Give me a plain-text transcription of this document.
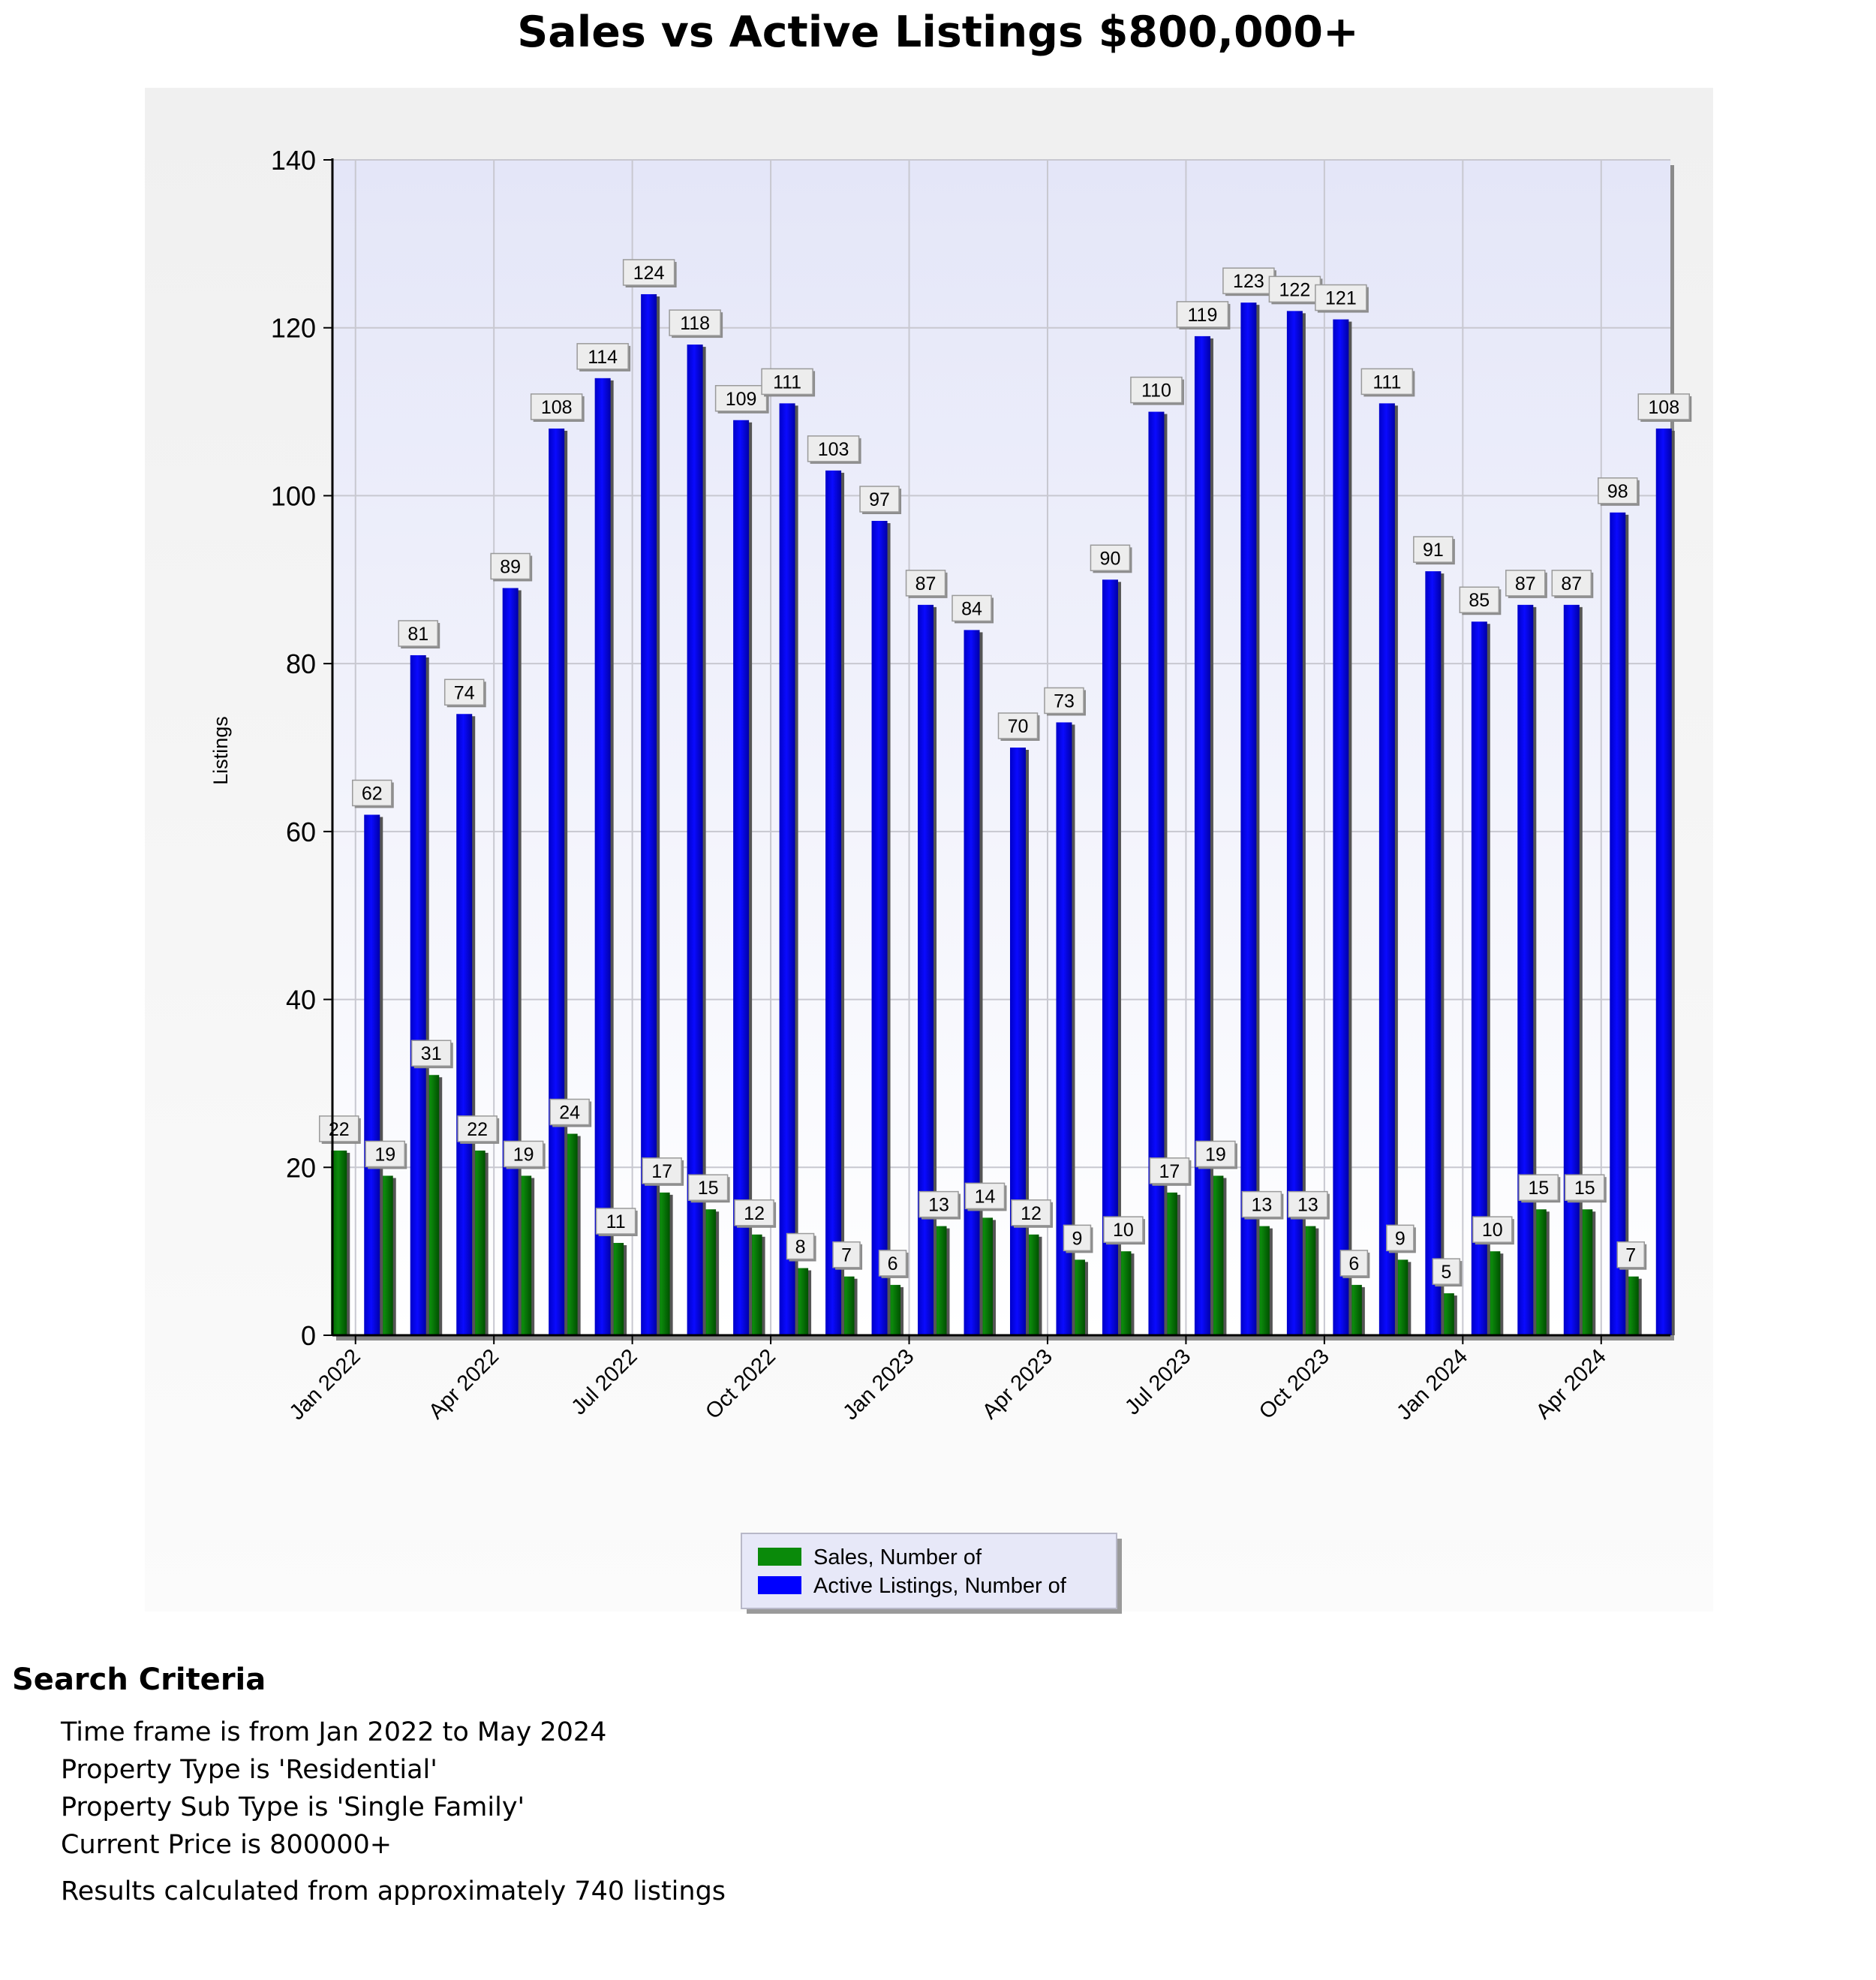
Sales vs Active Listings $800,000+
22
19
31
22
19
24
11
17
15
12
8 7 6
13 14
12
9 10
17
19
13 13
6
9
5
10
15 15
7
62
81
74
89
108
114
124
118
109
111
103
97
87
84
70
73
90
110
119
123 122 121
111
91
85
87 87
98
108
0
20
40
60
80
100
120
140
Jan 2022	Apr 2022	Jul 2022	Oct 2022	Jan 2023	Apr 2023	Jul 2023	Oct 2023	Jan 2024	Apr 2024
Listings
Sales, Number of
Active Listings, Number of
Search Criteria
Time frame is from Jan 2022 to May 2024
Property Type is 'Residential'
Property Sub Type is 'Single Family'
Current Price is 800000+
Results calculated from approximately 740 listings
